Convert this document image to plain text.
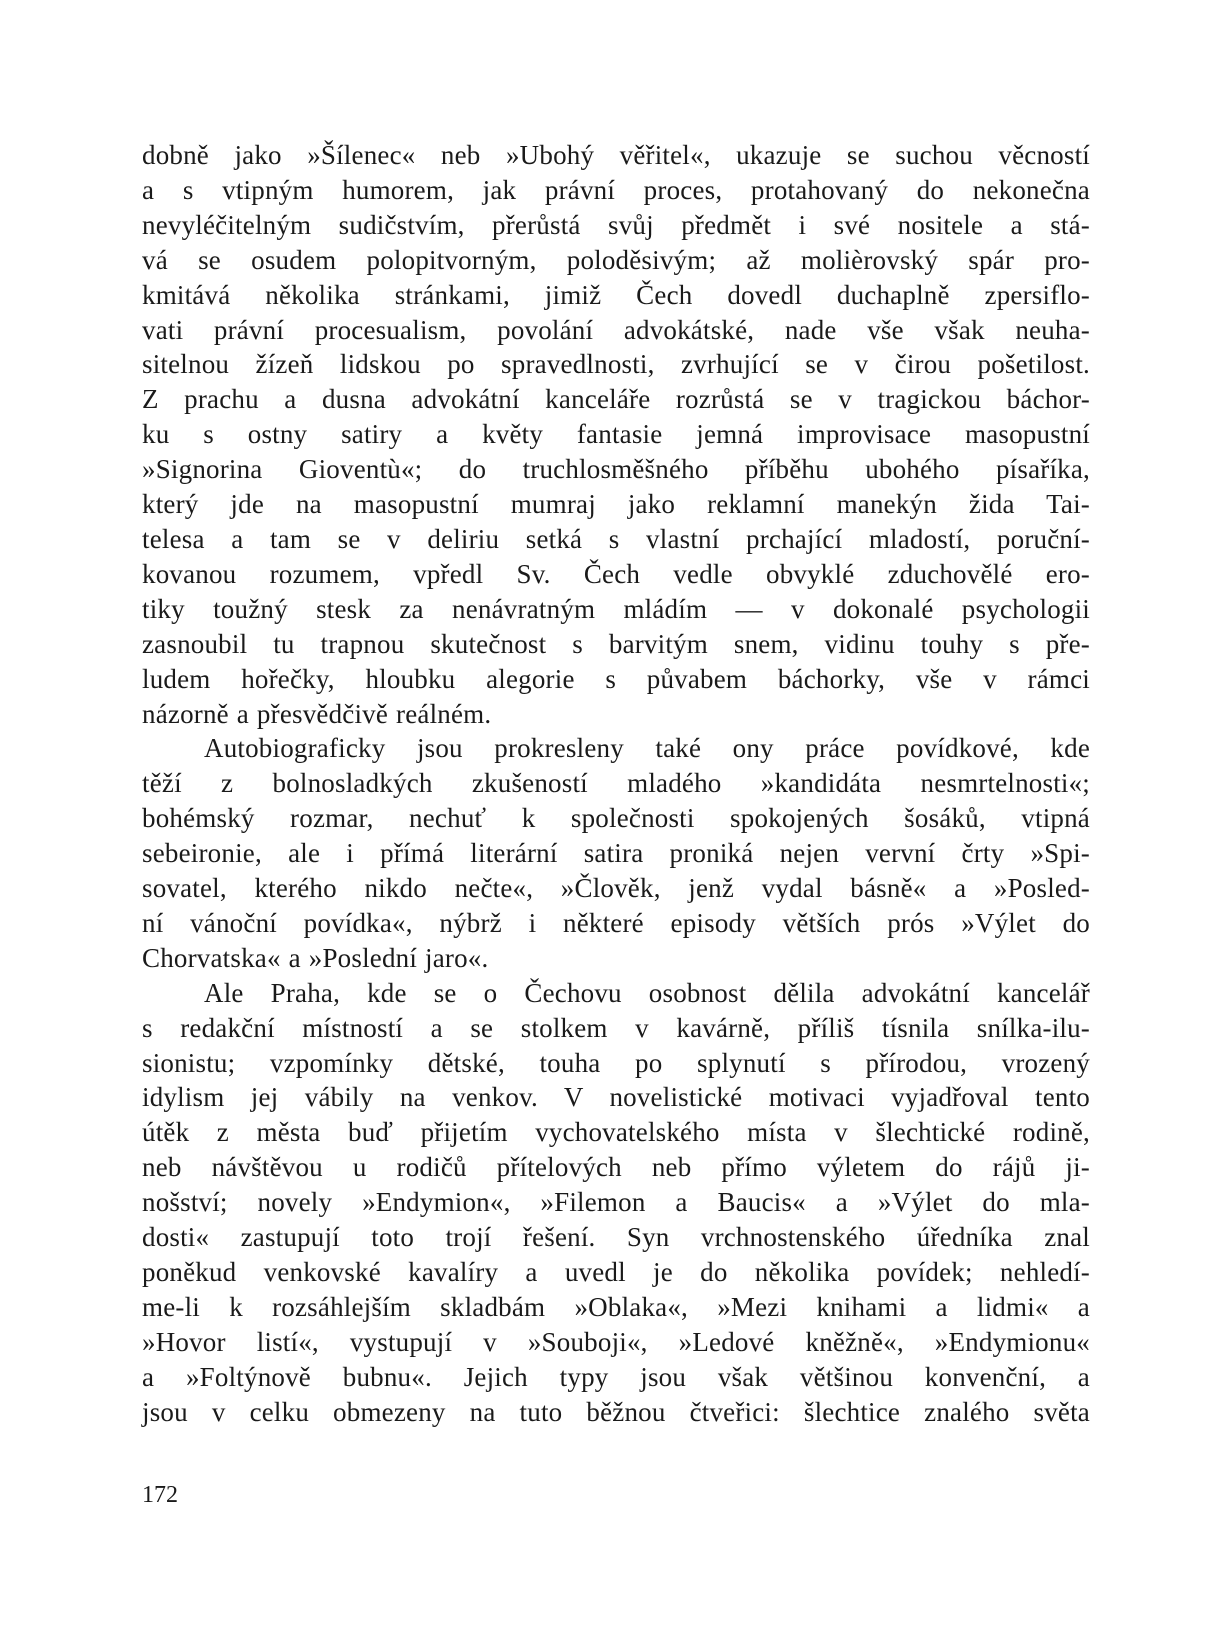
dobně jako »Šílenec« neb »Ubohý věřitel«, ukazuje se suchou věcností
a s vtipným humorem, jak právní proces, protahovaný do nekonečna
nevyléčitelným sudičstvím, přerůstá svůj předmět i své nositele a stá-
vá se osudem polopitvorným, poloděsivým; až molièrovský spár pro-
kmitává několika stránkami, jimiž Čech dovedl duchaplně zpersiflo-
vati právní procesualism, povolání advokátské, nade vše však neuha-
sitelnou žízeň lidskou po spravedlnosti, zvrhující se v čirou pošetilost.
Z prachu a dusna advokátní kanceláře rozrůstá se v tragickou báchor-
ku s ostny satiry a květy fantasie jemná improvisace masopustní
»Signorina Gioventù«; do truchlosměšného příběhu ubohého písaříka,
který jde na masopustní mumraj jako reklamní manekýn žida Tai-
telesa a tam se v deliriu setká s vlastní prchající mladostí, poruční-
kovanou rozumem, vpředl Sv. Čech vedle obvyklé zduchovělé ero-
tiky toužný stesk za nenávratným mládím — v dokonalé psychologii
zasnoubil tu trapnou skutečnost s barvitým snem, vidinu touhy s pře-
ludem hořečky, hloubku alegorie s půvabem báchorky, vše v rámci
názorně a přesvědčivě reálném.
Autobiograficky jsou prokresleny také ony práce povídkové, kde
těží z bolnosladkých zkušeností mladého »kandidáta nesmrtelnosti«;
bohémský rozmar, nechuť k společnosti spokojených šosáků, vtipná
sebeironie, ale i přímá literární satira proniká nejen vervní črty »Spi-
sovatel, kterého nikdo nečte«, »Člověk, jenž vydal básně« a »Posled-
ní vánoční povídka«, nýbrž i některé episody větších prós »Výlet do
Chorvatska« a »Poslední jaro«.
Ale Praha, kde se o Čechovu osobnost dělila advokátní kancelář
s redakční místností a se stolkem v kavárně, příliš tísnila snílka-ilu-
sionistu; vzpomínky dětské, touha po splynutí s přírodou, vrozený
idylism jej vábily na venkov. V novelistické motivaci vyjadřoval tento
útěk z města buď přijetím vychovatelského místa v šlechtické rodině,
neb návštěvou u rodičů přítelových neb přímo výletem do rájů ji-
nošství; novely »Endymion«, »Filemon a Baucis« a »Výlet do mla-
dosti« zastupují toto trojí řešení. Syn vrchnostenského úředníka znal
poněkud venkovské kavalíry a uvedl je do několika povídek; nehledí-
me-li k rozsáhlejším skladbám »Oblaka«, »Mezi knihami a lidmi« a
»Hovor listí«, vystupují v »Souboji«, »Ledové kněžně«, »Endymionu«
a »Foltýnově bubnu«. Jejich typy jsou však většinou konvenční, a
jsou v celku obmezeny na tuto běžnou čtveřici: šlechtice znalého světa
172
